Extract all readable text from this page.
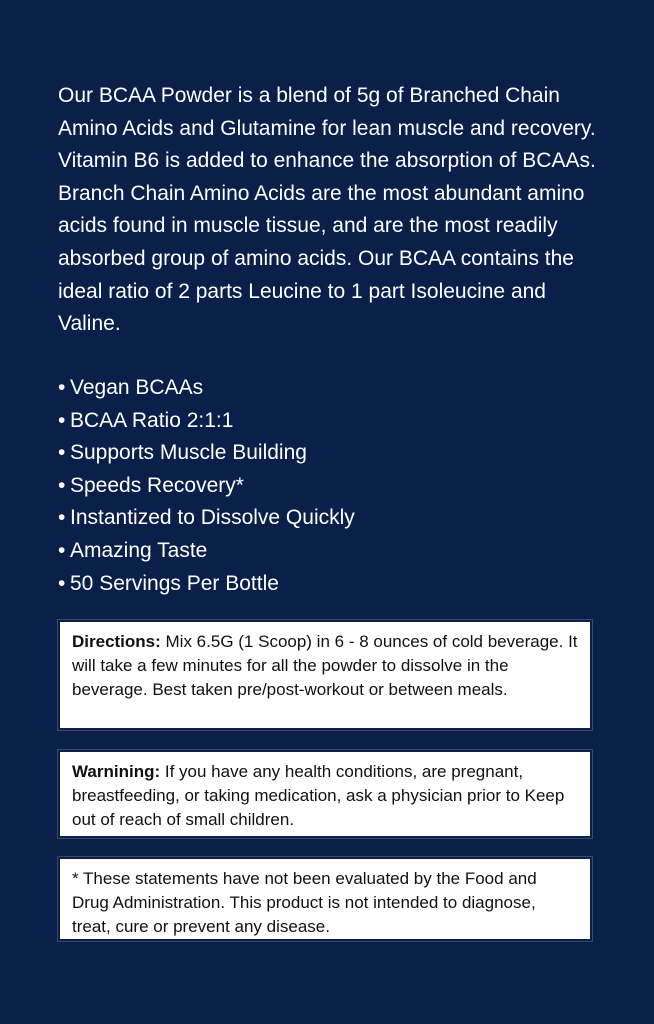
Our BCAA Powder is a blend of 5g of Branched Chain Amino Acids and Glutamine for lean muscle and recovery. Vitamin B6 is added to enhance the absorption of BCAAs. Branch Chain Amino Acids are the most abundant amino acids found in muscle tissue, and are the most readily absorbed group of amino acids. Our BCAA contains the ideal ratio of 2 parts Leucine to 1 part Isoleucine and Valine.

• Vegan BCAAs
• BCAA Ratio 2:1:1
• Supports Muscle Building
• Speeds Recovery*
• Instantized to Dissolve Quickly
• Amazing Taste
• 50 Servings Per Bottle
Directions: Mix 6.5G (1 Scoop) in 6 - 8 ounces of cold beverage. It will take a few minutes for all the powder to dissolve in the beverage. Best taken pre/post-workout or between meals.
Warnining: If you have any health conditions, are pregnant, breastfeeding, or taking medication, ask a physician prior to Keep out of reach of small children.
* These statements have not been evaluated by the Food and Drug Administration. This product is not intended to diagnose, treat, cure or prevent any disease.
